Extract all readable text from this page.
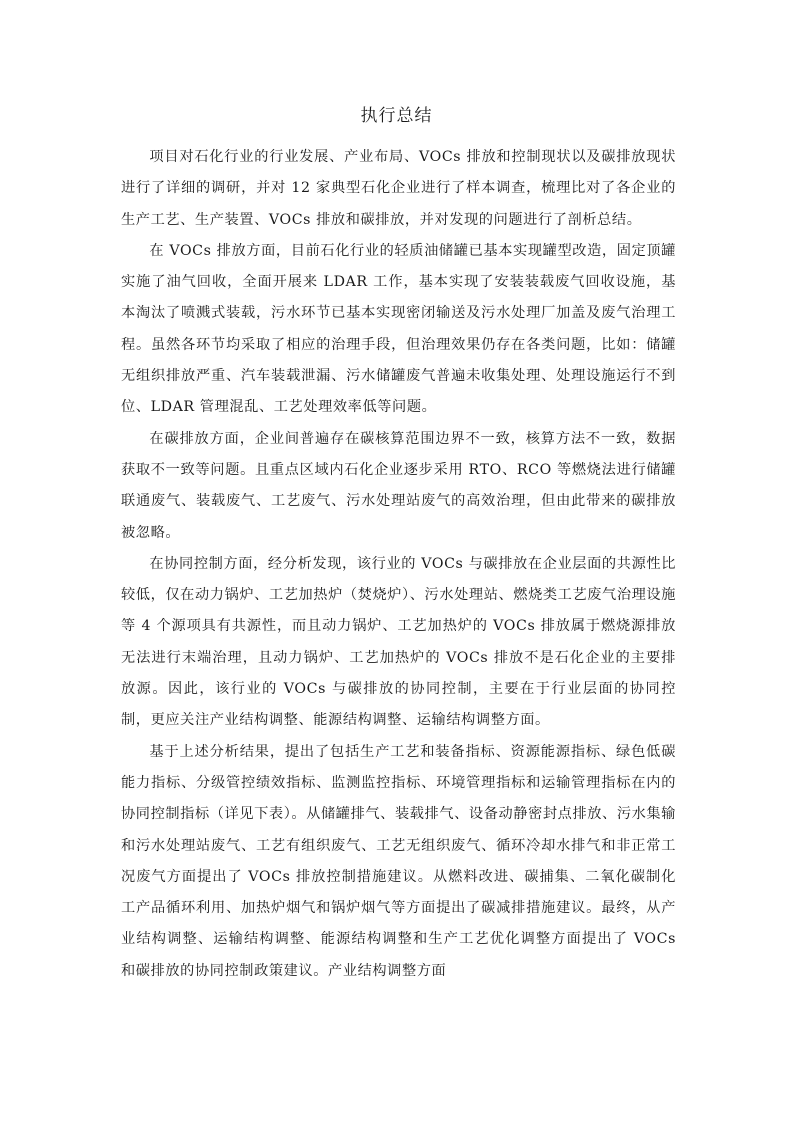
执行总结

项目对石化行业的行业发展、产业布局、VOCs 排放和控制现状以及碳排放现状进行了详细的调研，并对 12 家典型石化企业进行了样本调查，梳理比对了各企业的生产工艺、生产装置、VOCs 排放和碳排放，并对发现的问题进行了剖析总结。

在 VOCs 排放方面，目前石化行业的轻质油储罐已基本实现罐型改造，固定顶罐实施了油气回收，全面开展来 LDAR 工作，基本实现了安装装载废气回收设施，基本淘汰了喷溅式装载，污水环节已基本实现密闭输送及污水处理厂加盖及废气治理工程。虽然各环节均采取了相应的治理手段，但治理效果仍存在各类问题，比如：储罐无组织排放严重、汽车装载泄漏、污水储罐废气普遍未收集处理、处理设施运行不到位、LDAR 管理混乱、工艺处理效率低等问题。

在碳排放方面，企业间普遍存在碳核算范围边界不一致，核算方法不一致，数据获取不一致等问题。且重点区域内石化企业逐步采用 RTO、RCO 等燃烧法进行储罐联通废气、装载废气、工艺废气、污水处理站废气的高效治理，但由此带来的碳排放被忽略。

在协同控制方面，经分析发现，该行业的 VOCs 与碳排放在企业层面的共源性比较低，仅在动力锅炉、工艺加热炉（焚烧炉）、污水处理站、燃烧类工艺废气治理设施等 4 个源项具有共源性，而且动力锅炉、工艺加热炉的 VOCs 排放属于燃烧源排放无法进行末端治理，且动力锅炉、工艺加热炉的 VOCs 排放不是石化企业的主要排放源。因此，该行业的 VOCs 与碳排放的协同控制，主要在于行业层面的协同控制，更应关注产业结构调整、能源结构调整、运输结构调整方面。

基于上述分析结果，提出了包括生产工艺和装备指标、资源能源指标、绿色低碳能力指标、分级管控绩效指标、监测监控指标、环境管理指标和运输管理指标在内的协同控制指标（详见下表）。从储罐排气、装载排气、设备动静密封点排放、污水集输和污水处理站废气、工艺有组织废气、工艺无组织废气、循环冷却水排气和非正常工况废气方面提出了 VOCs 排放控制措施建议。从燃料改进、碳捕集、二氧化碳制化工产品循环利用、加热炉烟气和锅炉烟气等方面提出了碳减排措施建议。最终，从产业结构调整、运输结构调整、能源结构调整和生产工艺优化调整方面提出了 VOCs 和碳排放的协同控制政策建议。产业结构调整方面
